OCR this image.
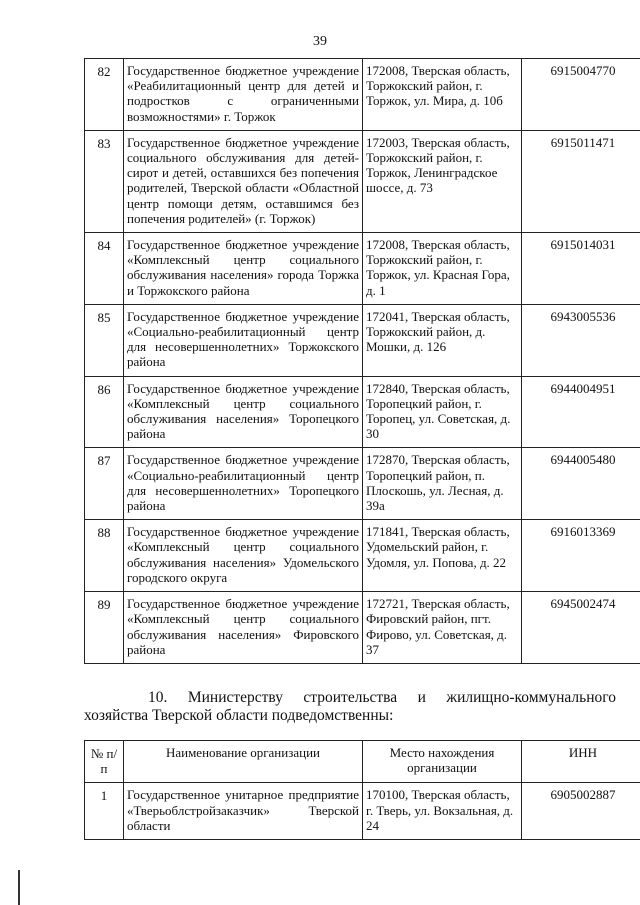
39
82	Государственное бюджетное учреждение «Реабилитационный центр для детей и подростков с ограниченными возможностями» г. Торжок	172008, Тверская область, Торжокский район, г. Торжок, ул. Мира, д. 10б	6915004770
83	Государственное бюджетное учреждение социального обслуживания для детей-сирот и детей, оставшихся без попечения родителей, Тверской области «Областной центр помощи детям, оставшимся без попечения родителей» (г. Торжок)	172003, Тверская область, Торжокский район, г. Торжок, Ленинградское шоссе, д. 73	6915011471
84	Государственное бюджетное учреждение «Комплексный центр социального обслуживания населения» города Торжка и Торжокского района	172008, Тверская область, Торжокский район, г. Торжок, ул. Красная Гора, д. 1	6915014031
85	Государственное бюджетное учреждение «Социально-реабилитационный центр для несовершеннолетних» Торжокского района	172041, Тверская область, Торжокский район, д. Мошки, д. 126	6943005536
86	Государственное бюджетное учреждение «Комплексный центр социального обслуживания населения» Торопецкого района	172840, Тверская область, Торопецкий район, г. Торопец, ул. Советская, д. 30	6944004951
87	Государственное бюджетное учреждение «Социально-реабилитационный центр для несовершеннолетних» Торопецкого района	172870, Тверская область, Торопецкий район, п. Плоскошь, ул. Лесная, д. 39а	6944005480
88	Государственное бюджетное учреждение «Комплексный центр социального обслуживания населения» Удомельского городского округа	171841, Тверская область, Удомельский район, г. Удомля, ул. Попова, д. 22	6916013369
89	Государственное бюджетное учреждение «Комплексный центр социального обслуживания населения» Фировского района	172721, Тверская область, Фировский район, пгт. Фирово, ул. Советская, д. 37	6945002474
10. Министерству строительства и жилищно-коммунального хозяйства Тверской области подведомственны:
№ п/п	Наименование организации	Место нахождения организации	ИНН
1	Государственное унитарное предприятие «Тверьоблстройзаказчик» Тверской области	170100, Тверская область, г. Тверь, ул. Вокзальная, д. 24	6905002887
